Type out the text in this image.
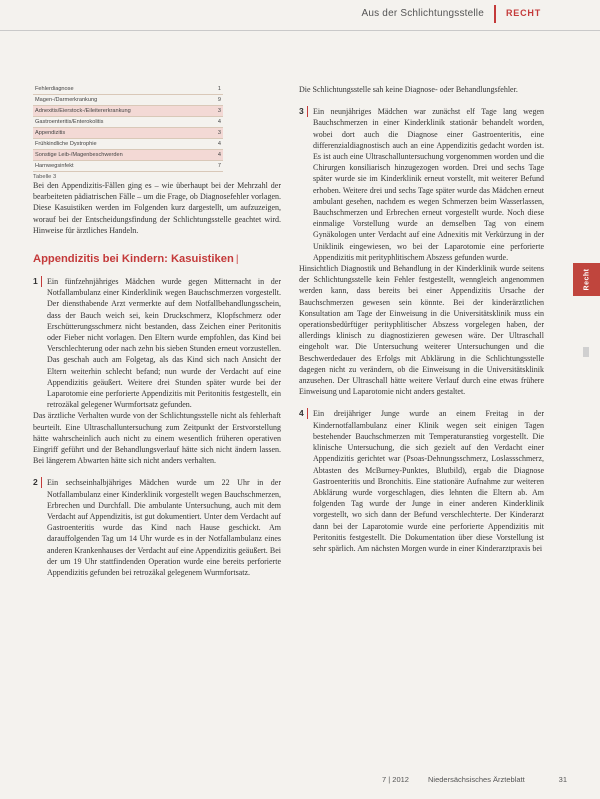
Aus der Schlichtungsstelle RECHT
Fehlerdiagnose	1
Magen-/Darmerkrankung	9
Adnexitis/Eierstock-/Eileitererkrankung	3
Gastroenteritis/Enterokolitis	4
Appendizitis	3
Frühkindliche Dystrophie	4
Sonstige Leib-/Magenbeschwerden	4
Harnwegsinfekt	7
Tabelle 3

Bei den Appendizitis-Fällen ging es – wie überhaupt bei der Mehrzahl der bearbeiteten pädiatrischen Fälle – um die Frage, ob Diagnosefehler vorlagen. Diese Kasuistiken werden im Folgenden kurz dargestellt, um aufzuzeigen, worauf bei der Entscheidungsfindung der Schlichtungsstelle geachtet wird. Hinweise für ärztliches Handeln.

Appendizitis bei Kindern: Kasuistiken ▏
1	Ein fünfzehnjähriges Mädchen wurde gegen Mitternacht in der Notfallambulanz einer Kinderklinik wegen Bauchschmerzen vorgestellt. Der diensthabende Arzt vermerkte auf dem Notfallbehandlungsschein, dass der Bauch weich sei, kein Druckschmerz, Klopfschmerz oder Erschütterungsschmerz nicht bestanden, dass Zeichen einer Peritonitis oder Fieber nicht vorlagen. Den Eltern wurde empfohlen, das Kind bei Verschlechterung oder nach zehn bis sieben Stunden erneut vorzustellen. Das geschah auch am Folgetag, als das Kind sich nach Ansicht der Eltern weiterhin schlecht befand; nun wurde der Verdacht auf eine Appendizitis geäußert. Weitere drei Stunden später wurde bei der Laparotomie eine perforierte Appendizitis mit Peritonitis festgestellt, ein retrozäkal gelegener Wurmfortsatz gefunden.

Das ärztliche Verhalten wurde von der Schlichtungsstelle nicht als fehlerhaft beurteilt. Eine Ultraschalluntersuchung zum Zeitpunkt der Erstvorstellung hätte wahrscheinlich auch nicht zu einem wesentlich früheren operativen Eingriff geführt und der Behandlungsverlauf hätte sich nicht ändern lassen. Bei längerem Abwarten hätte sich nicht anders verhalten.

2	Ein sechseinhalbjähriges Mädchen wurde um 22 Uhr in der Notfallambulanz einer Kinderklinik vorgestellt wegen Bauchschmerzen, Erbrechen und Durchfall. Die ambulante Untersuchung, auch mit dem Verdacht auf Appendizitis, ist gut dokumentiert. Unter dem Verdacht auf Gastroenteritis wurde das Kind nach Hause geschickt. Am darauffolgenden Tag um 14 Uhr wurde es in der Notfallambulanz eines anderen Krankenhauses der Verdacht auf eine Appendizitis geäußert. Bei der um 19 Uhr stattfindenden Operation wurde eine bereits perforierte Appendizitis gefunden bei retrozäkal gelegenem Wurmfortsatz.

Die Schlichtungsstelle sah keine Diagnose- oder Behandlungsfehler.

3	Ein neunjähriges Mädchen war zunächst elf Tage lang wegen Bauchschmerzen in einer Kinderklinik stationär behandelt worden, wobei dort auch die Diagnose einer Gastroenteritis, eine differenzialdiagnostisch auch an eine Appendizitis gedacht worden ist. Es ist auch eine Ultraschalluntersuchung vorgenommen worden und die Chirurgen konsiliarisch hinzugezogen worden. Drei und sechs Tage später wurde sie im Kinderklinik erneut vorstellt, mit weiterer Befund erhoben. Weitere drei und sechs Tage später wurde das Mädchen erneut ambulant gesehen, nachdem es wegen Schmerzen beim Wasserlassen, Bauchschmerzen und Erbrechen erneut vorgestellt wurde. Noch diese einmalige Vorstellung wurde an demselben Tag von einem Gynäkologen unter Verdacht auf eine Adnexitis mit Verkürzung in der Uniklinik eingewiesen, wo bei der Laparotomie eine perforierte Appendizitis mit perityphlitischem Abszess gefunden wurde.

Hinsichtlich Diagnostik und Behandlung in der Kinderklinik wurde seitens der Schlichtungsstelle kein Fehler festgestellt, wenngleich angenommen werden kann, dass bereits bei einer Appendizitis Ursache der Bauchschmerzen gewesen sein könnte. Bei der kinderärztlichen Konsultation am Tage der Einweisung in die Universitätsklinik muss ein operationsbedürftiger perityphlitischer Abszess vorgelegen haben, der allerdings klinisch zu diagnostizieren gewesen wäre. Der Ultraschall eingeholt war. Die Untersuchung weiterer Untersuchungen und die Beschwerdedauer des Erfolgs mit Abklärung in die Schlichtungsstelle dagegen nicht zu verändern, ob die Einweisung in die Universitätsklinik anzusehen. Der Ultraschall hätte weitere Verlauf durch eine etwas frühere Einweisung und Laparotomie nicht anders gestaltet.

4	Ein dreijähriger Junge wurde an einem Freitag in der Kindernotfallambulanz einer Klinik wegen seit einigen Tagen bestehender Bauchschmerzen mit Temperaturanstieg vorgestellt. Die klinische Untersuchung, die sich gezielt auf den Verdacht einer Appendizitis gerichtet war (Psoas-Dehnungsschmerz, Loslassschmerz, Abtasten des McBurney-Punktes, Blutbild), ergab die Diagnose Gastroenteritis und Bronchitis. Eine stationäre Aufnahme zur weiteren Abklärung wurde vorgeschlagen, dies lehnten die Eltern ab. Am folgenden Tag wurde der Junge in einer anderen Kinderklinik vorgestellt, wo sich dann der Befund verschlechterte. Der Kinderarzt dann bei der Laparotomie wurde eine perforierte Appendizitis mit Peritonitis festgestellt. Die Dokumentation über diese Vorstellung ist sehr spärlich. Am nächsten Morgen wurde in einer Kinderarztpraxis bei

Recht
7 | 2012	Niedersächsisches Ärzteblatt	31
